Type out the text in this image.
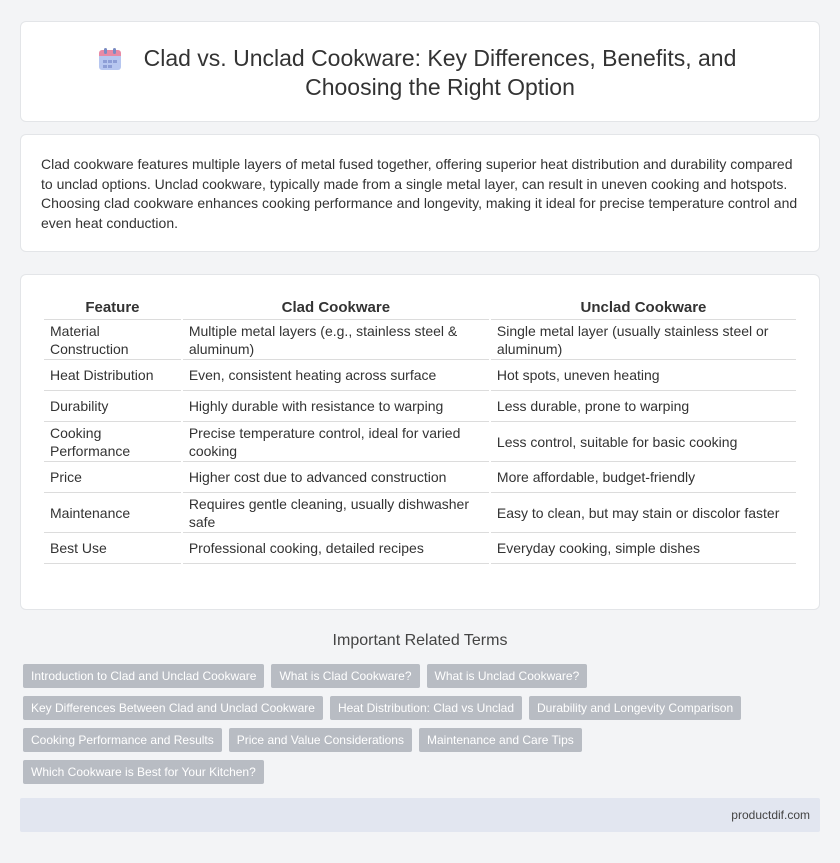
Clad vs. Unclad Cookware: Key Differences, Benefits, and Choosing the Right Option

Clad cookware features multiple layers of metal fused together, offering superior heat distribution and durability compared to unclad options. Unclad cookware, typically made from a single metal layer, can result in uneven cooking and hotspots. Choosing clad cookware enhances cooking performance and longevity, making it ideal for precise temperature control and even heat conduction.

Feature	Clad Cookware	Unclad Cookware
Material Construction	Multiple metal layers (e.g., stainless steel & aluminum)	Single metal layer (usually stainless steel or aluminum)
Heat Distribution	Even, consistent heating across surface	Hot spots, uneven heating
Durability	Highly durable with resistance to warping	Less durable, prone to warping
Cooking Performance	Precise temperature control, ideal for varied cooking	Less control, suitable for basic cooking
Price	Higher cost due to advanced construction	More affordable, budget-friendly
Maintenance	Requires gentle cleaning, usually dishwasher safe	Easy to clean, but may stain or discolor faster
Best Use	Professional cooking, detailed recipes	Everyday cooking, simple dishes
Important Related Terms
Introduction to Clad and Unclad Cookware	What is Clad Cookware?	What is Unclad Cookware?
Key Differences Between Clad and Unclad Cookware	Heat Distribution: Clad vs Unclad	Durability and Longevity Comparison
Cooking Performance and Results	Price and Value Considerations	Maintenance and Care Tips
Which Cookware is Best for Your Kitchen?
productdif.com
